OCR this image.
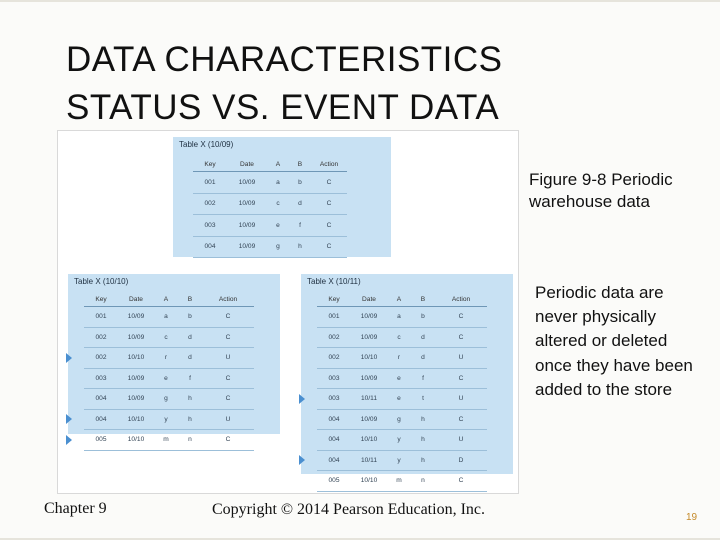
DATA CHARACTERISTICS
STATUS VS. EVENT DATA
Table X (10/09)
Key	Date	A	B	Action
001	10/09	a	b	C
002	10/09	c	d	C
003	10/09	e	f	C
004	10/09	g	h	C
Table X (10/10)
Key	Date	A	B	Action
001	10/09	a	b	C
002	10/09	c	d	C
002	10/10	r	d	U
003	10/09	e	f	C
004	10/09	g	h	C
004	10/10	y	h	U
005	10/10	m	n	C
Table X (10/11)
Key	Date	A	B	Action
001	10/09	a	b	C
002	10/09	c	d	C
002	10/10	r	d	U
003	10/09	e	f	C
003	10/11	e	t	U
004	10/09	g	h	C
004	10/10	y	h	U
004	10/11	y	h	D
005	10/10	m	n	C
Figure 9-8 Periodic warehouse data
Periodic data are never physically altered or deleted once they have been added to the store
Chapter 9	Copyright © 2014 Pearson Education, Inc.	19
